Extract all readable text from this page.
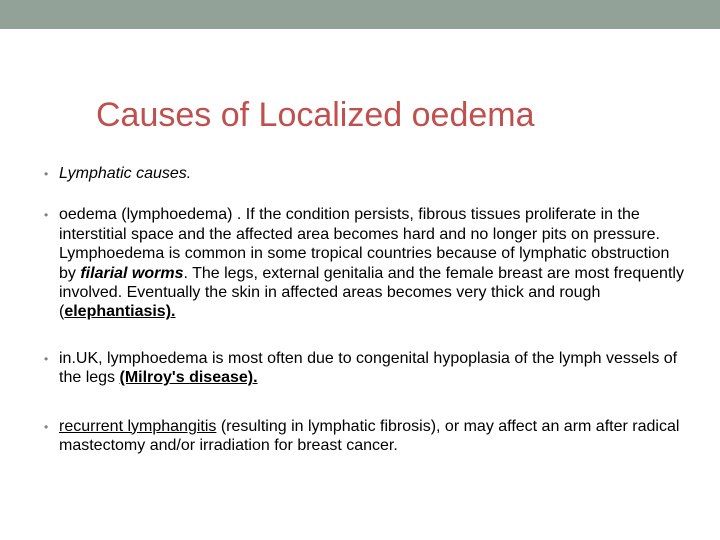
Causes of Localized oedema
• Lymphatic causes.
• oedema (lymphoedema) . If the condition persists, fibrous tissues proliferate in the interstitial space and the affected area becomes hard and no longer pits on pressure. Lymphoedema is common in some tropical countries because of lymphatic obstruction by filarial worms. The legs, external genitalia and the female breast are most frequently involved. Eventually the skin in affected areas becomes very thick and rough (elephantiasis).
• in.UK, lymphoedema is most often due to congenital hypoplasia of the lymph vessels of the legs (Milroy's disease).
• recurrent lymphangitis (resulting in lymphatic fibrosis), or may affect an arm after radical mastectomy and/or irradiation for breast cancer.
